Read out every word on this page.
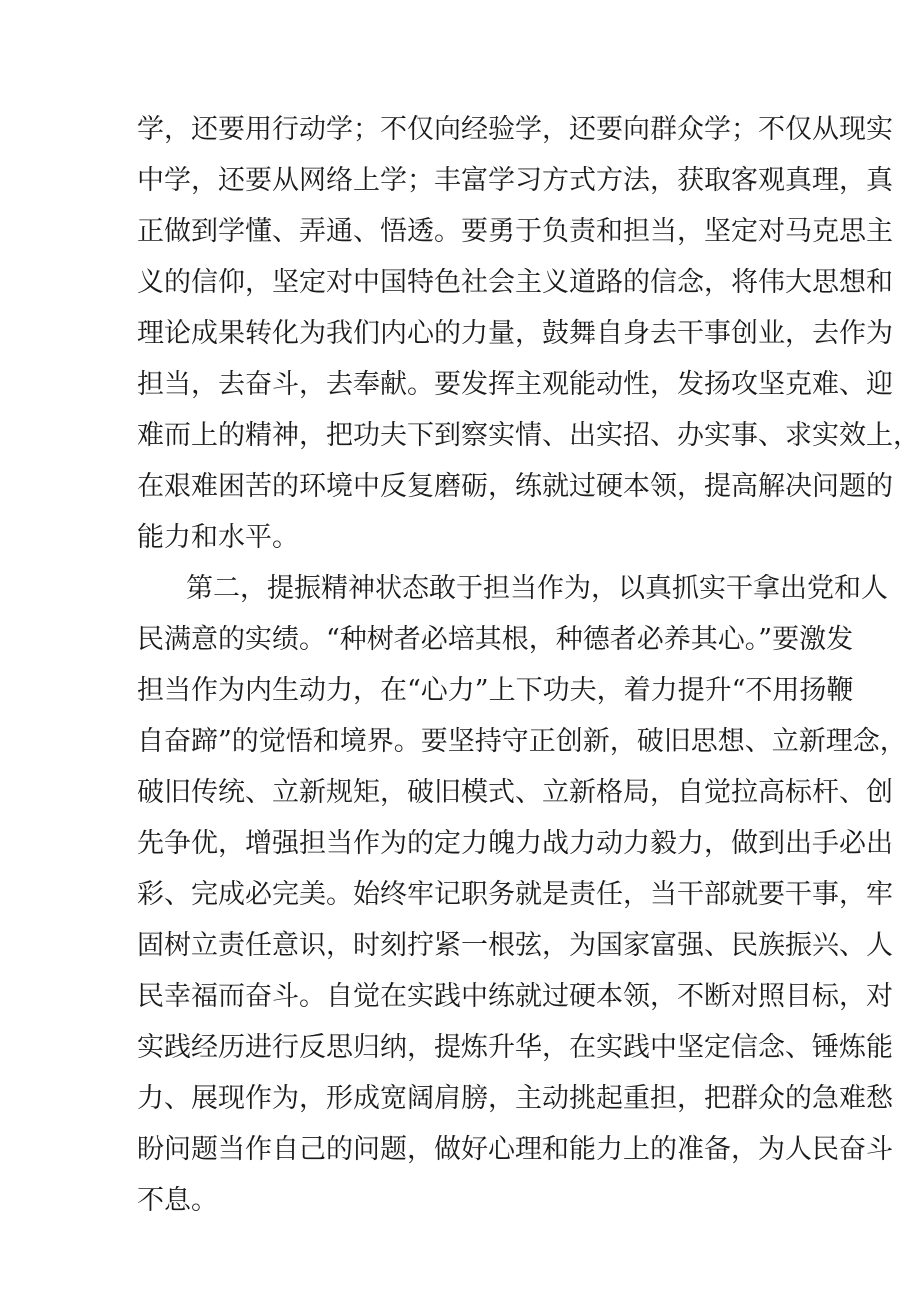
学，还要用行动学；不仅向经验学，还要向群众学；不仅从现实
中学，还要从网络上学；丰富学习方式方法，获取客观真理，真
正做到学懂、弄通、悟透。要勇于负责和担当，坚定对马克思主
义的信仰，坚定对中国特色社会主义道路的信念，将伟大思想和
理论成果转化为我们内心的力量，鼓舞自身去干事创业，去作为
担当，去奋斗，去奉献。要发挥主观能动性，发扬攻坚克难、迎
难而上的精神，把功夫下到察实情、出实招、办实事、求实效上，
在艰难困苦的环境中反复磨砺，练就过硬本领，提高解决问题的
能力和水平。
第二，提振精神状态敢于担当作为，以真抓实干拿出党和人
民满意的实绩。“种树者必培其根，种德者必养其心。”要激发
担当作为内生动力，在“心力”上下功夫，着力提升“不用扬鞭
自奋蹄”的觉悟和境界。要坚持守正创新，破旧思想、立新理念，
破旧传统、立新规矩，破旧模式、立新格局，自觉拉高标杆、创
先争优，增强担当作为的定力魄力战力动力毅力，做到出手必出
彩、完成必完美。始终牢记职务就是责任，当干部就要干事，牢
固树立责任意识，时刻拧紧一根弦，为国家富强、民族振兴、人
民幸福而奋斗。自觉在实践中练就过硬本领，不断对照目标，对
实践经历进行反思归纳，提炼升华，在实践中坚定信念、锤炼能
力、展现作为，形成宽阔肩膀，主动挑起重担，把群众的急难愁
盼问题当作自己的问题，做好心理和能力上的准备，为人民奋斗
不息。
